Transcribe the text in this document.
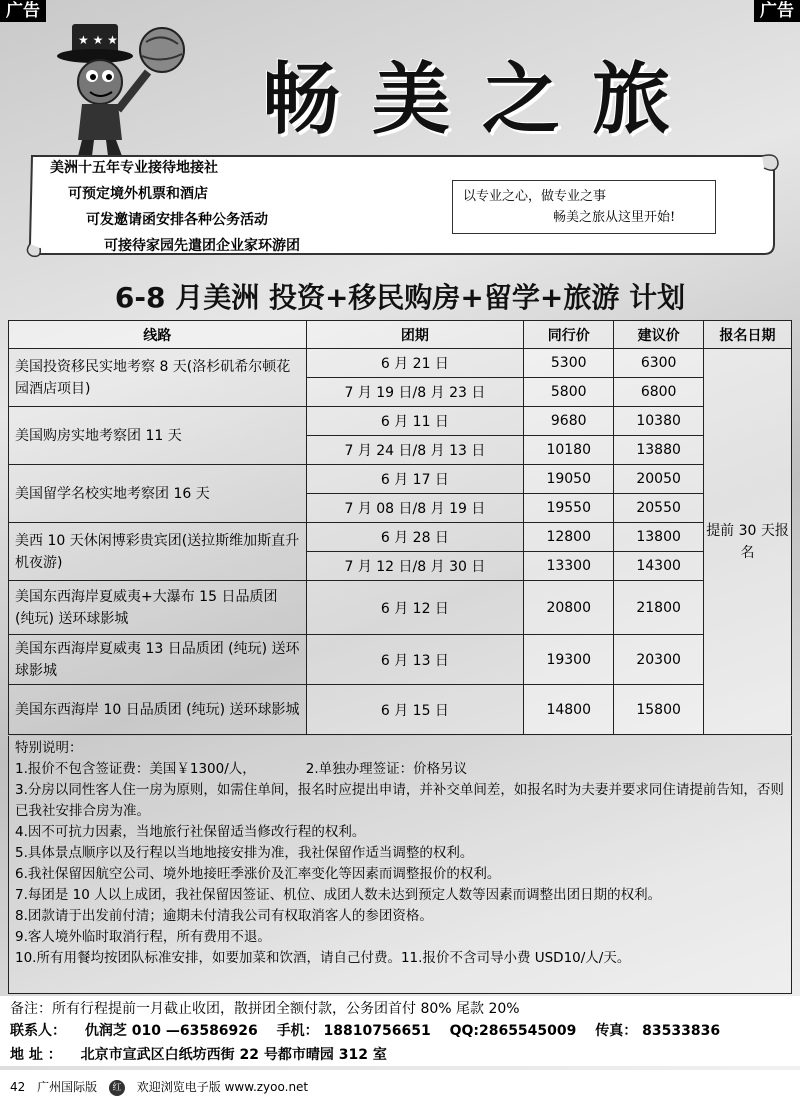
广告	广告
★ ★ ★
畅美之旅
美洲十五年专业接待地接社
可预定境外机票和酒店
可发邀请函安排各种公务活动
可接待家园先遣团企业家环游团
以专业之心，做专业之事
畅美之旅从这里开始!
6-8 月美洲 投资+移民购房+留学+旅游 计划
线路	团期	同行价	建议价	报名日期
美国投资移民实地考察 8 天(洛杉矶希尔顿花园酒店项目)	6 月 21 日	5300	6300	提前 30 天报名
	7 月 19 日/8 月 23 日	5800	6800	
美国购房实地考察团 11 天	6 月 11 日	9680	10380	
	7 月 24 日/8 月 13 日	10180	13880	
美国留学名校实地考察团 16 天	6 月 17 日	19050	20050	
	7 月 08 日/8 月 19 日	19550	20550	
美西 10 天休闲博彩贵宾团(送拉斯维加斯直升机夜游)	6 月 28 日	12800	13800	
	7 月 12 日/8 月 30 日	13300	14300	
美国东西海岸夏威夷+大瀑布 15 日品质团 (纯玩) 送环球影城	6 月 12 日	20800	21800	
美国东西海岸夏威夷 13 日品质团 (纯玩) 送环球影城	6 月 13 日	19300	20300	
美国东西海岸 10 日品质团 (纯玩) 送环球影城	6 月 15 日	14800	15800	
特别说明：
1.报价不包含签证费：美国￥1300/人，	2.单独办理签证：价格另议
3.分房以同性客人住一房为原则，如需住单间，报名时应提出申请，并补交单间差，如报名时为夫妻并要求同住请提前告知，否则已我社安排合房为准。
4.因不可抗力因素，当地旅行社保留适当修改行程的权利。
5.具体景点顺序以及行程以当地地接安排为准，我社保留作适当调整的权利。
6.我社保留因航空公司、境外地接旺季涨价及汇率变化等因素而调整报价的权利。
7.每团是 10 人以上成团，我社保留因签证、机位、成团人数未达到预定人数等因素而调整出团日期的权利。
8.团款请于出发前付清；逾期未付清我公司有权取消客人的参团资格。
9.客人境外临时取消行程，所有费用不退。
10.所有用餐均按团队标准安排，如要加菜和饮酒，请自己付费。11.报价不含司导小费 USD10/人/天。
备注：所有行程提前一月截止收团，散拼团全额付款，公务团首付 80% 尾款 20%
联系人： 仇润芝 010 —63586926 手机： 18810756651 QQ:2865545009 传真： 83533836
地 址 ： 北京市宣武区白纸坊西街 22 号都市晴园 312 室
42 广州国际版 红 欢迎浏览电子版 www.zyoo.net
